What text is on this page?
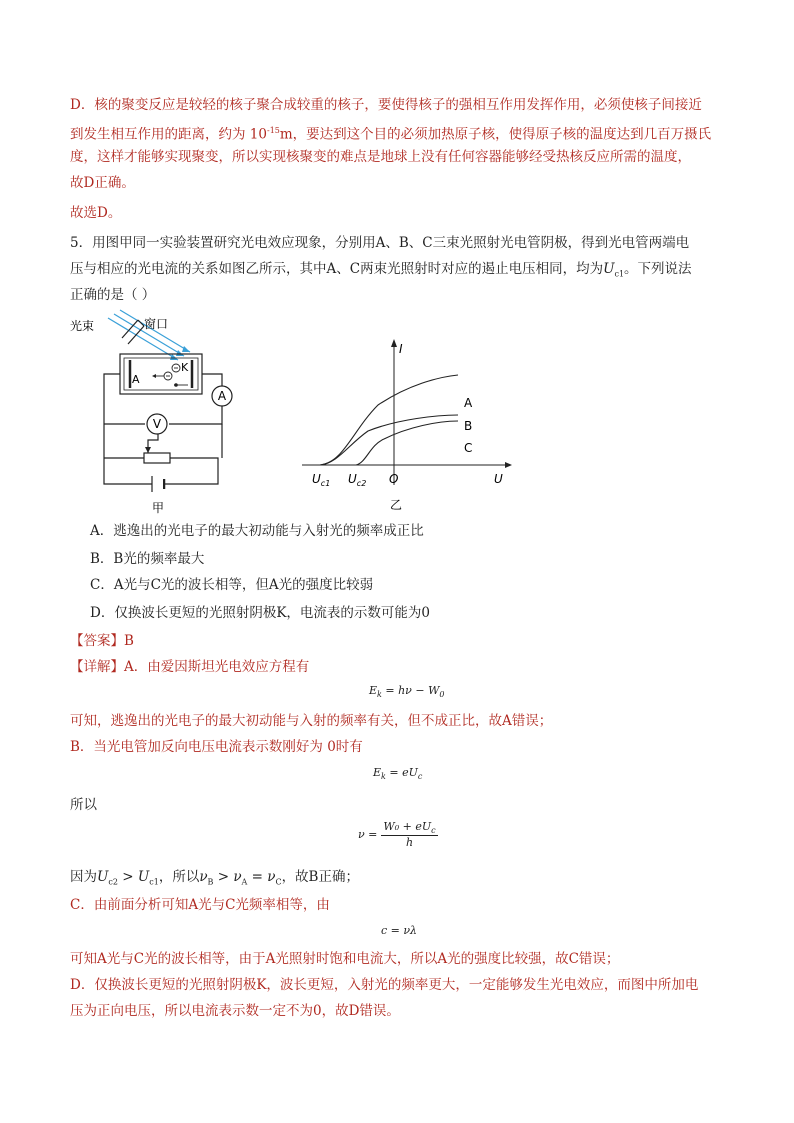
D．核的聚变反应是较轻的核子聚合成较重的核子，要使得核子的强相互作用发挥作用，必须使核子间接近

到发生相互作用的距离，约为 $10^{-15}m$，要达到这个目的必须加热原子核，使得原子核的温度达到几百万摄氏

度，这样才能够实现聚变，所以实现核聚变的难点是地球上没有任何容器能够经受热核反应所需的温度，

故D正确。

故选D。

5．用图甲同一实验装置研究光电效应现象，分别用A、B、C三束光照射光电管阴极，得到光电管两端电

压与相应的光电流的关系如图乙所示，其中A、C两束光照射时对应的遏止电压相同，均为$U_{c1}$。下列说法

正确的是（ ）

A
V
光束	窗口
A
K
甲
I
U
O
$U_{c1}$ $U_{c2}$
A
B
C
乙

A．逃逸出的光电子的最大初动能与入射光的频率成正比

B．B光的频率最大

C．A光与C光的波长相等，但A光的强度比较弱

D．仅换波长更短的光照射阴极K，电流表的示数可能为0

【答案】B

【详解】A．由爱因斯坦光电效应方程有

$E_k = h\nu - W_0$

可知，逃逸出的光电子的最大初动能与入射的频率有关，但不成正比，故A错误；

B．当光电管加反向电压电流表示数刚好为 0时有

$E_k = eU_c$

所以

ν =
$W_0 + eU_c$
h

因为$U_{c2} > U_{c1}$，所以$\nu_B > \nu_A = \nu_C$，故B正确；

C．由前面分析可知A光与C光频率相等，由

c = νλ

可知A光与C光的波长相等，由于A光照射时饱和电流大，所以A光的强度比较强，故C错误；

D．仅换波长更短的光照射阴极K，波长更短，入射光的频率更大，一定能够发生光电效应，而图中所加电

压为正向电压，所以电流表示数一定不为0，故D错误。
